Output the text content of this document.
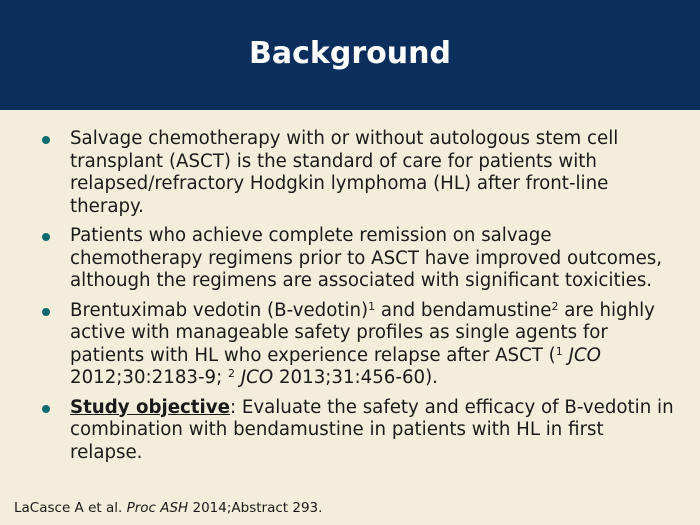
Background
Salvage chemotherapy with or without autologous stem cell transplant (ASCT) is the standard of care for patients with relapsed/refractory Hodgkin lymphoma (HL) after front-line therapy.
Patients who achieve complete remission on salvage chemotherapy regimens prior to ASCT have improved outcomes, although the regimens are associated with significant toxicities.
Brentuximab vedotin (B-vedotin)$^1$ and bendamustine$^2$ are highly active with manageable safety profiles as single agents for patients with HL who experience relapse after ASCT ($^1$ JCO 2012;30:2183-9; $^2$ JCO 2013;31:456-60).
Study objective: Evaluate the safety and efficacy of B-vedotin in combination with bendamustine in patients with HL in first relapse.
LaCasce A et al. Proc ASH 2014;Abstract 293.
